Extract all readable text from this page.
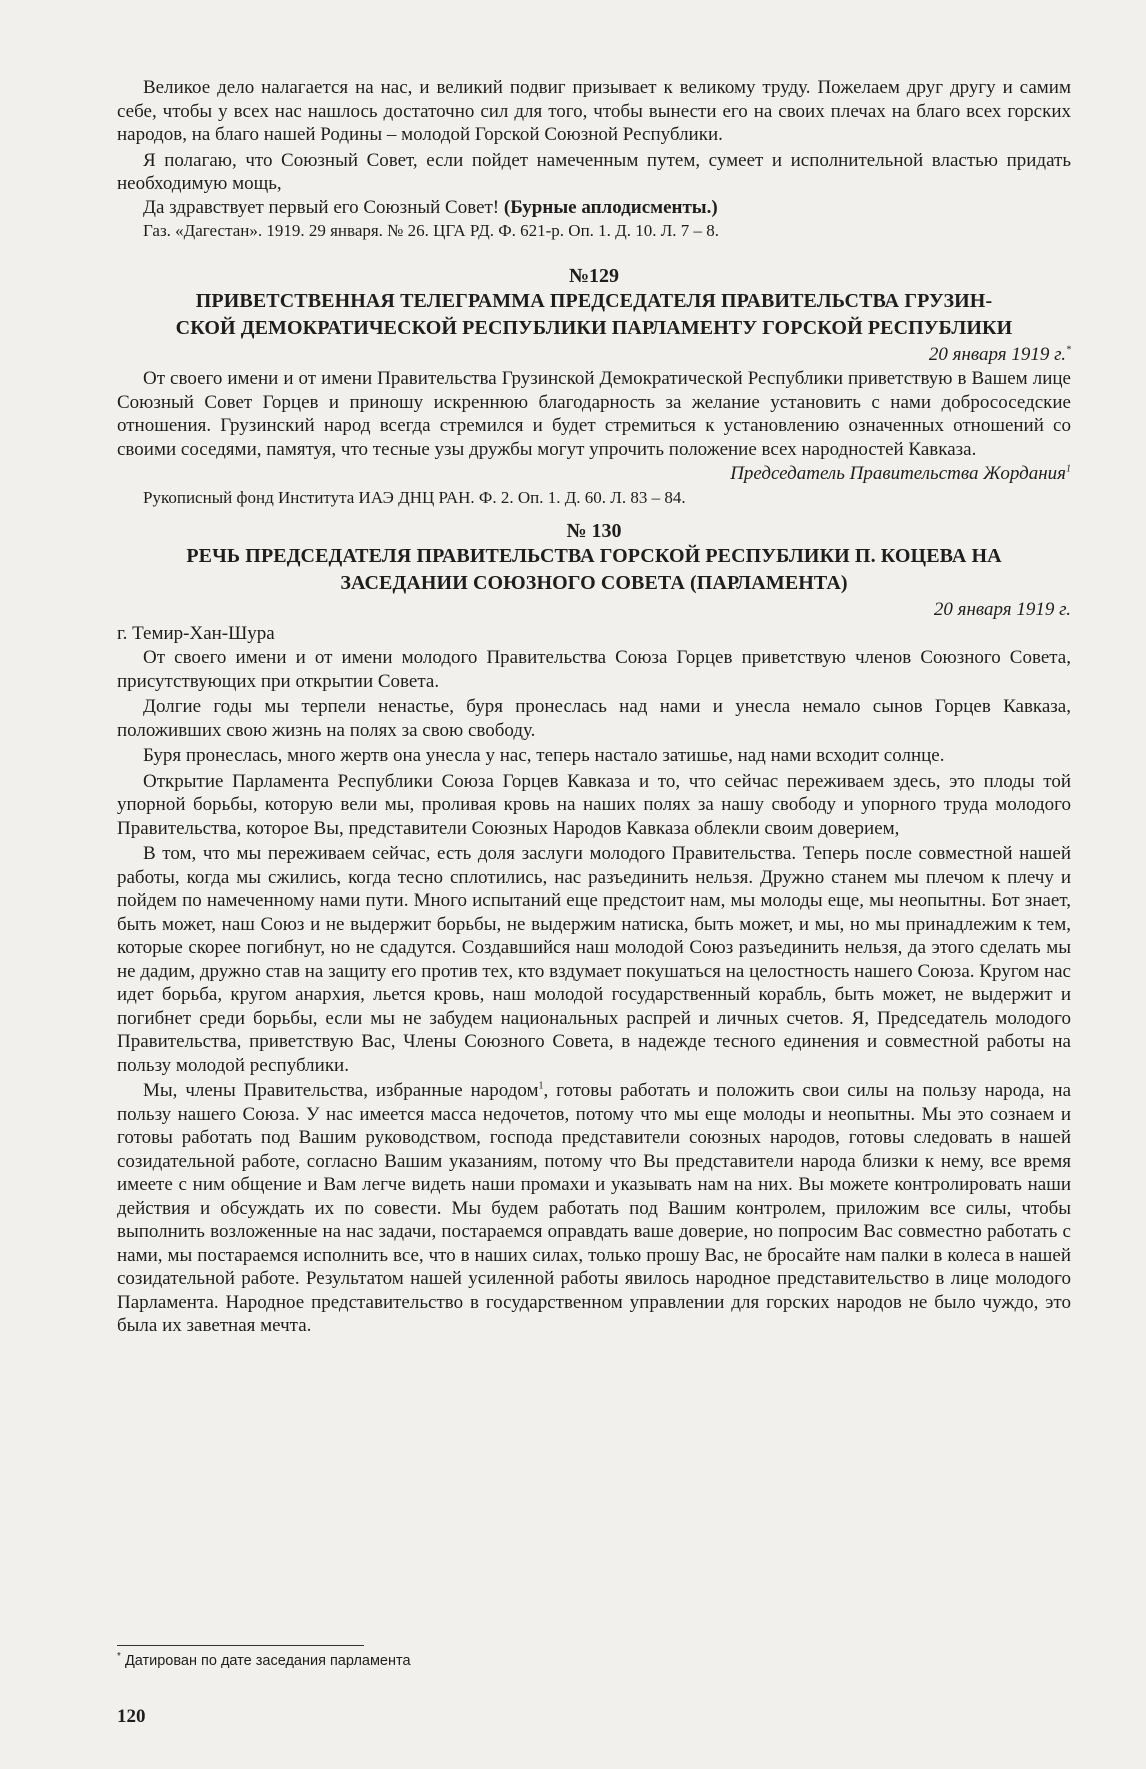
Великое дело налагается на нас, и великий подвиг призывает к великому труду. Пожелаем друг другу и самим себе, чтобы у всех нас нашлось достаточно сил для того, чтобы вынести его на своих плечах на благо всех горских народов, на благо нашей Родины – молодой Горской Союзной Республики.

Я полагаю, что Союзный Совет, если пойдет намеченным путем, сумеет и исполнительной властью придать необходимую мощь,

Да здравствует первый его Союзный Совет! (Бурные аплодисменты.)

Газ. «Дагестан». 1919. 29 января. № 26. ЦГА РД. Ф. 621-р. Оп. 1. Д. 10. Л. 7 – 8.

№129

ПРИВЕТСТВЕННАЯ ТЕЛЕГРАММА ПРЕДСЕДАТЕЛЯ ПРАВИТЕЛЬСТВА ГРУЗИН-

СКОЙ ДЕМОКРАТИЧЕСКОЙ РЕСПУБЛИКИ ПАРЛАМЕНТУ ГОРСКОЙ РЕСПУБЛИКИ

20 января 1919 г.*

От своего имени и от имени Правительства Грузинской Демократической Республики приветствую в Вашем лице Союзный Совет Горцев и приношу искреннюю благодарность за желание установить с нами добрососедские отношения. Грузинский народ всегда стремился и будет стремиться к установлению означенных отношений со своими соседями, памятуя, что тесные узы дружбы могут упрочить положение всех народностей Кавказа.

Председатель Правительства Жордания$^1$

Рукописный фонд Института ИАЭ ДНЦ РАН. Ф. 2. Оп. 1. Д. 60. Л. 83 – 84.

№ 130

РЕЧЬ ПРЕДСЕДАТЕЛЯ ПРАВИТЕЛЬСТВА ГОРСКОЙ РЕСПУБЛИКИ П. КОЦЕВА НА

ЗАСЕДАНИИ СОЮЗНОГО СОВЕТА (ПАРЛАМЕНТА)

20 января 1919 г.

г. Темир-Хан-Шура

От своего имени и от имени молодого Правительства Союза Горцев приветствую членов Союзного Совета, присутствующих при открытии Совета.

Долгие годы мы терпели ненастье, буря пронеслась над нами и унесла немало сынов Горцев Кавказа, положивших свою жизнь на полях за свою свободу.

Буря пронеслась, много жертв она унесла у нас, теперь настало затишье, над нами всходит солнце.

Открытие Парламента Республики Союза Горцев Кавказа и то, что сейчас переживаем здесь, это плоды той упорной борьбы, которую вели мы, проливая кровь на наших полях за нашу свободу и упорного труда молодого Правительства, которое Вы, представители Союзных Народов Кавказа облекли своим доверием,

В том, что мы переживаем сейчас, есть доля заслуги молодого Правительства. Теперь после совместной нашей работы, когда мы сжились, когда тесно сплотились, нас разъединить нельзя. Дружно станем мы плечом к плечу и пойдем по намеченному нами пути. Много испытаний еще предстоит нам, мы молоды еще, мы неопытны. Бот знает, быть может, наш Союз и не выдержит борьбы, не выдержим натиска, быть может, и мы, но мы принадлежим к тем, которые скорее погибнут, но не сдадутся. Создавшийся наш молодой Союз разъединить нельзя, да этого сделать мы не дадим, дружно став на защиту его против тех, кто вздумает покушаться на целостность нашего Союза. Кругом нас идет борьба, кругом анархия, льется кровь, наш молодой государственный корабль, быть может, не выдержит и погибнет среди борьбы, если мы не забудем национальных распрей и личных счетов. Я, Председатель молодого Правительства, приветствую Вас, Члены Союзного Совета, в надежде тесного единения и совместной работы на пользу молодой республики.

Мы, члены Правительства, избранные народом$^1$, готовы работать и положить свои силы на пользу народа, на пользу нашего Союза. У нас имеется масса недочетов, потому что мы еще молоды и неопытны. Мы это сознаем и готовы работать под Вашим руководством, господа представители союзных народов, готовы следовать в нашей созидательной работе, согласно Вашим указаниям, потому что Вы представители народа близки к нему, все время имеете с ним общение и Вам легче видеть наши промахи и указывать нам на них. Вы можете контролировать наши действия и обсуждать их по совести. Мы будем работать под Вашим контролем, приложим все силы, чтобы выполнить возложенные на нас задачи, постараемся оправдать ваше доверие, но попросим Вас совместно работать с нами, мы постараемся исполнить все, что в наших силах, только прошу Вас, не бросайте нам палки в колеса в нашей созидательной работе. Результатом нашей усиленной работы явилось народное представительство в лице молодого Парламента. Народное представительство в государственном управлении для горских народов не было чуждо, это была их заветная мечта.

* Датирован по дате заседания парламента
120
